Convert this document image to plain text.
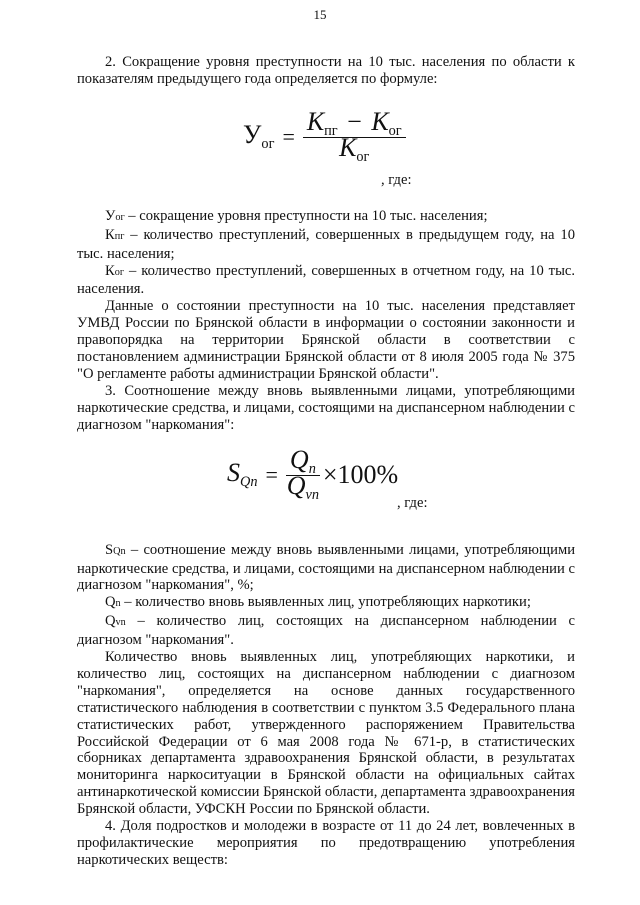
15

2. Сокращение уровня преступности на 10 тыс. населения по области к показателям предыдущего года определяется по формуле:

Уог = $\frac{\text{Кпг − Ког}}{\text{Ког}}$
, где:

Уог – сокращение уровня преступности на 10 тыс. населения;

Кпг – количество преступлений, совершенных в предыдущем году, на 10 тыс. населения;

Ког – количество преступлений, совершенных в отчетном году, на 10 тыс. населения.

Данные о состоянии преступности на 10 тыс. населения представляет УМВД России по Брянской области в информации о состоянии законности и правопорядка на территории Брянской области в соответствии с постановлением администрации Брянской области от 8 июля 2005 года № 375 "О регламенте работы администрации Брянской области".

3. Соотношение между вновь выявленными лицами, употребляющими наркотические средства, и лицами, состоящими на диспансерном наблюдении с диагнозом "наркомания":

SQn = $\frac{Qn}{\text{Qvn}} \times 100\%$
, где:

SQn – соотношение между вновь выявленными лицами, употребляющими наркотические средства, и лицами, состоящими на диспансерном наблюдении с диагнозом "наркомания", %;

Qn – количество вновь выявленных лиц, употребляющих наркотики;

Qvn – количество лиц, состоящих на диспансерном наблюдении с диагнозом "наркомания".

Количество вновь выявленных лиц, употребляющих наркотики, и количество лиц, состоящих на диспансерном наблюдении с диагнозом "наркомания", определяется на основе данных государственного статистического наблюдения в соответствии с пунктом 3.5 Федерального плана статистических работ, утвержденного распоряжением Правительства Российской Федерации от 6 мая 2008 года № 671-р, в статистических сборниках департамента здравоохранения Брянской области, в результатах мониторинга наркоситуации в Брянской области на официальных сайтах антинаркотической комиссии Брянской области, департамента здравоохранения Брянской области, УФСКН России по Брянской области.

4. Доля подростков и молодежи в возрасте от 11 до 24 лет, вовлеченных в профилактические мероприятия по предотвращению употребления наркотических веществ:
